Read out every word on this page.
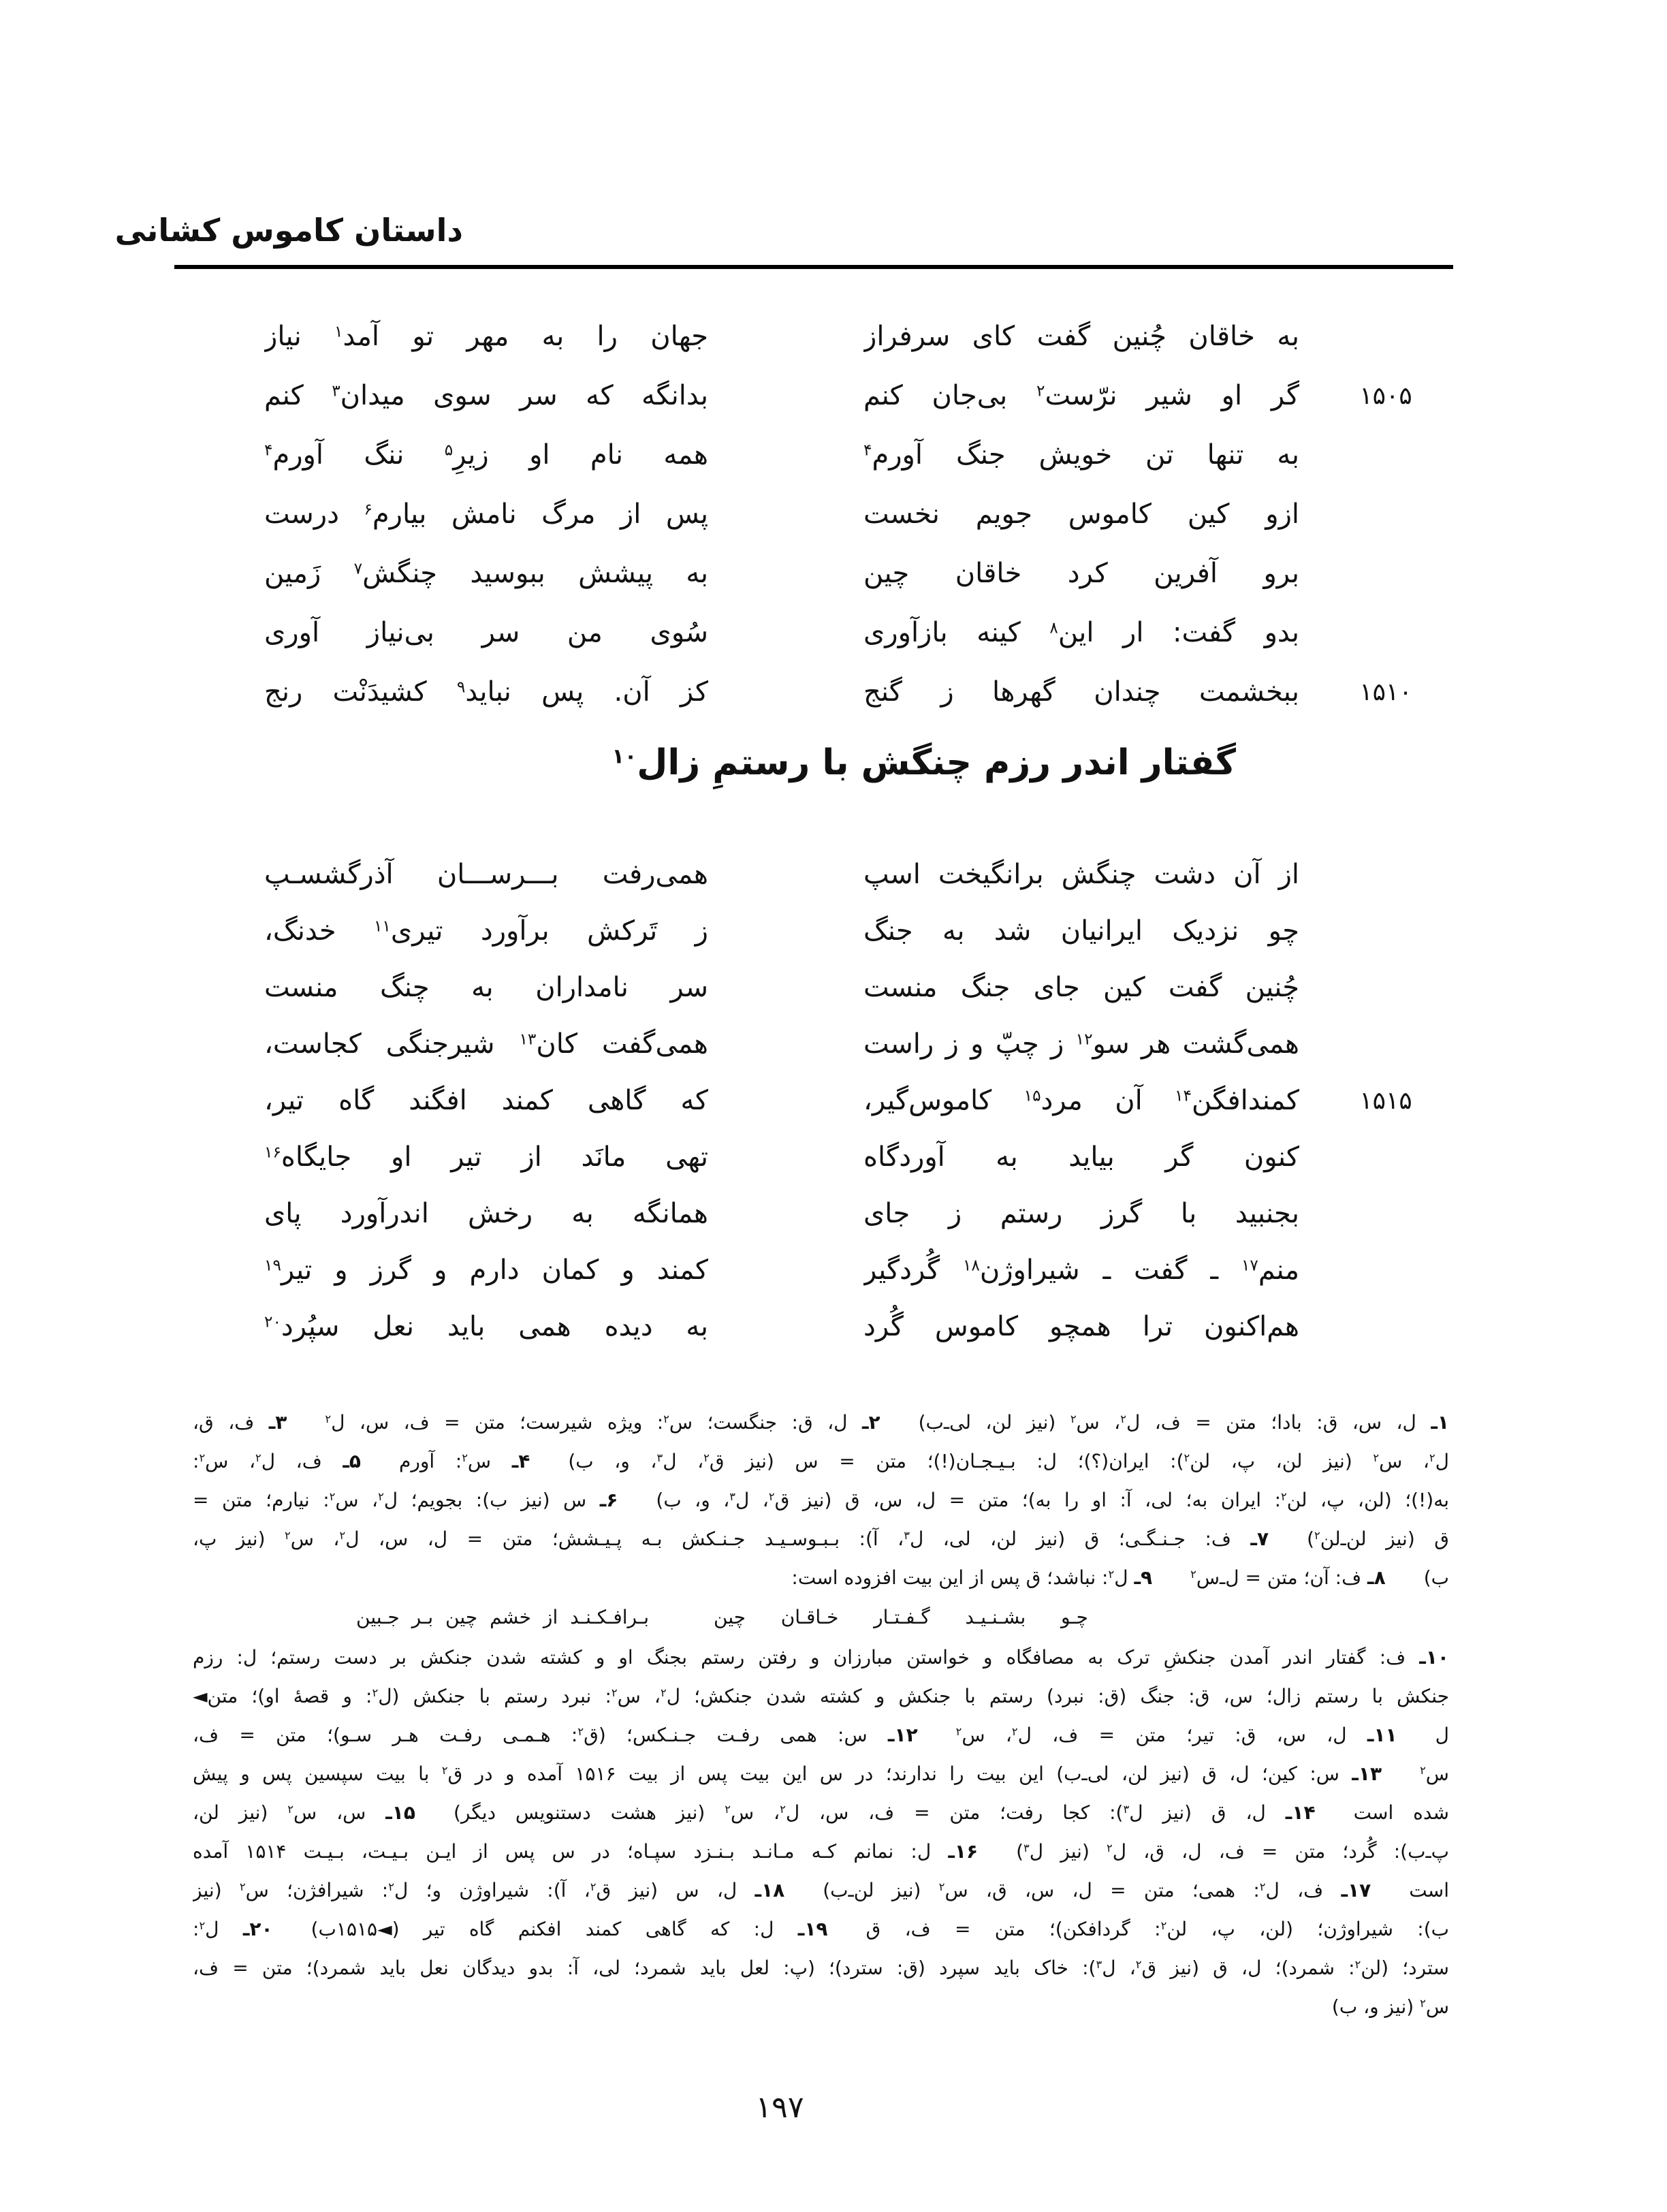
داستان کاموس کشانی
به خاقان چُنین گفت کای سرفراز
جهان را به مهر تو آمد$^۱$ نیاز
۱۵۰۵
گر او شیر نرّست$^۲$ بی‌جان کنم
بدانگه که سر سوی میدان$^۳$ کنم
به تنها تن خویش جنگ آورم$^۴$
همه نام او زیرِ$^۵$ ننگ آورم$^۴$
ازو کین کاموس جویم نخست
پس از مرگ نامش بیارم$^۶$ درست
برو آفرین کرد خاقان چین
به پیشش ببوسید چنگش$^۷$ زَمین
بدو گفت: ار این$^۸$ کینه بازآوری
سُوی من سر بی‌نیاز آوری
۱۵۱۰
ببخشمت چندان گهرها ز گنج
کز آن. پس نباید$^۹$ کشیدَنْت رنج
گفتار اندر رزم چنگش با رستمِ زال$^{۱۰}$
از آن دشت چنگش برانگیخت اسپ
همی‌رفت بـــرســـان آذرگشسـپ
چو نزدیک ایرانیان شد به جنگ
ز تَرکش برآورد تیری$^{۱۱}$ خدنگ،
چُنین گفت کین جای جنگ منست
سر نامداران به چنگ منست
همی‌گشت هر سو$^{۱۲}$ ز چپّ و ز راست
همی‌گفت کان$^{۱۳}$ شیرجنگی کجاست،
۱۵۱۵
کمندافگن$^{۱۴}$ آن مرد$^{۱۵}$ کاموس‌گیر،
که گاهی کمند افگند گاه تیر،
کنون گر بیاید به آوردگاه
تهی مانَد از تیر او جایگاه$^{۱۶}$
بجنبید با گرز رستم ز جای
همانگه به رخش اندرآورد پای
منم$^{۱۷}$ ـ گفت ـ شیراوژن$^{۱۸}$ گُردگیر
کمند و کمان دارم و گرز و تیر$^{۱۹}$
هم‌اکنون ترا همچو کاموس گُرد
به دیده همی باید نعل سپُرد$^{۲۰}$
۱ـ ل، س، ق: بادا؛ متن = ف، ل$^۲$، س$^۲$ (نیز لن، لی‌ـ‌ب)  ۲ـ ل، ق: جنگست؛ س$^۲$: ویژه شیرست؛ متن = ف، س، ل$^۲$  ۳ـ ف، ق،
ل$^۲$، س$^۲$ (نیز لن، پ، لن$^۲$): ایران(؟)؛ ل: بـیـجـان(!)؛ متن = س (نیز ق$^۲$، ل$^۳$، و، ب)  ۴ـ س$^۲$: آورم  ۵ـ ف، ل$^۲$، س$^۲$:
به(!)؛ (لن، پ، لن$^۲$: ایران به؛ لی، آ: او را به)؛ متن = ل، س، ق (نیز ق$^۲$، ل$^۳$، و، ب)  ۶ـ س (نیز ب): بجویم؛ ل$^۲$، س$^۲$: نیارم؛ متن =
ق (نیز لن‌ـ‌لن$^۲$)  ۷ـ ف: جـنـگـی؛ ق (نیز لن، لی، ل$^۳$، آ): بـبـوسـیـد جـنـکش بـه پـیـشش؛ متن = ل، س، ل$^۲$، س$^۲$ (نیز پ،
ب)  ۸ـ ف: آن؛ متن = ل‌ـ‌س$^۲$  ۹ـ ل$^۲$: نباشد؛ ق پس از این بیت افزوده است:
چـو بشـنـیـد گـفـتـار خـاقـان چین
بـرافـکـنـد از خشم چین بـر جـبین
۱۰ـ ف: گفتار اندر آمدن جنکشِ ترک به مصافگاه و خواستن مبارزان و رفتن رستم بجنگ او و کشته شدن جنکش بر دست رستم؛ ل: رزم
جنکش با رستم زال؛ س، ق: جنگ (ق: نبرد) رستم با جنکش و کشته شدن جنکش؛ ل$^۲$، س$^۲$: نبرد رستم با جنکش (ل$^۲$: و قصهٔ او)؛ متن◄
ل  ۱۱ـ ل، س، ق: تیر؛ متن = ف، ل$^۲$، س$^۲$  ۱۲ـ س: همی رفـت جـنـکس؛ (ق$^۲$: هـمـی رفـت هـر سـو)؛ متن = ف،
س$^۲$  ۱۳ـ س: کین؛ ل، ق (نیز لن، لی‌ـ‌ب) این بیت را ندارند؛ در س این بیت پس از بیت ۱۵۱۶ آمده و در ق$^۲$ با بیت سپسین پس و پیش
شده است  ۱۴ـ ل، ق (نیز ل$^۳$): کجا رفت؛ متن = ف، س، ل$^۲$، س$^۲$ (نیز هشت دستنویس دیگر)  ۱۵ـ س، س$^۲$ (نیز لن،
پ‌ـ‌ب): گُرد؛ متن = ف، ل، ق، ل$^۲$ (نیز ل$^۳$)  ۱۶ـ ل: نمانم کـه مـانـد بـنـزد سپـاه؛ در س پس از ایـن بـیـت، بـیـت ۱۵۱۴ آمده
است  ۱۷ـ ف، ل$^۲$: همی؛ متن = ل، س، ق، س$^۲$ (نیز لن‌ـ‌ب)  ۱۸ـ ل، س (نیز ق$^۲$، آ): شیراوژن و؛ ل$^۲$: شیرافژن؛ س$^۲$ (نیز
ب): شیراوژن؛ (لن، پ، لن$^۲$: گردافکن)؛ متن = ف، ق  ۱۹ـ ل: که گاهی کمند افکنم گاه تیر (◄۱۵۱۵ب)  ۲۰ـ ل$^۲$:
سترد؛ (لن$^۲$: شمرد)؛ ل، ق (نیز ق$^۲$، ل$^۳$): خاک باید سپرد (ق: سترد)؛ (پ: لعل باید شمرد؛ لی، آ: بدو دیدگان نعل باید شمرد)؛ متن = ف،
س$^۲$ (نیز و، ب)
۱۹۷
